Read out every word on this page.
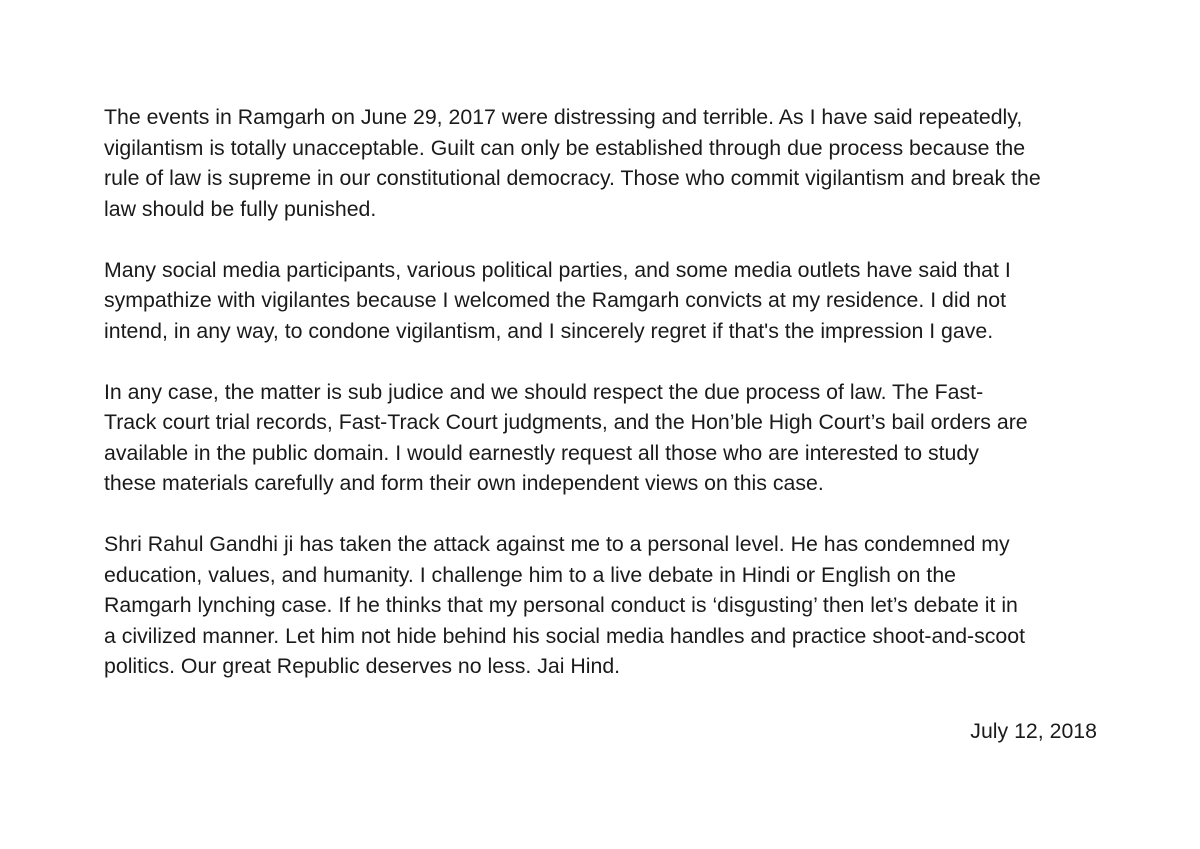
The events in Ramgarh on June 29, 2017 were distressing and terrible. As I have said repeatedly,
vigilantism is totally unacceptable. Guilt can only be established through due process because the
rule of law is supreme in our constitutional democracy. Those who commit vigilantism and break the
law should be fully punished.

Many social media participants, various political parties, and some media outlets have said that I
sympathize with vigilantes because I welcomed the Ramgarh convicts at my residence. I did not
intend, in any way, to condone vigilantism, and I sincerely regret if that's the impression I gave.

In any case, the matter is sub judice and we should respect the due process of law. The Fast-
Track court trial records, Fast-Track Court judgments, and the Hon’ble High Court’s bail orders are
available in the public domain. I would earnestly request all those who are interested to study
these materials carefully and form their own independent views on this case.

Shri Rahul Gandhi ji has taken the attack against me to a personal level. He has condemned my
education, values, and humanity. I challenge him to a live debate in Hindi or English on the
Ramgarh lynching case. If he thinks that my personal conduct is ‘disgusting’ then let’s debate it in
a civilized manner. Let him not hide behind his social media handles and practice shoot-and-scoot
politics. Our great Republic deserves no less. Jai Hind.

July 12, 2018
